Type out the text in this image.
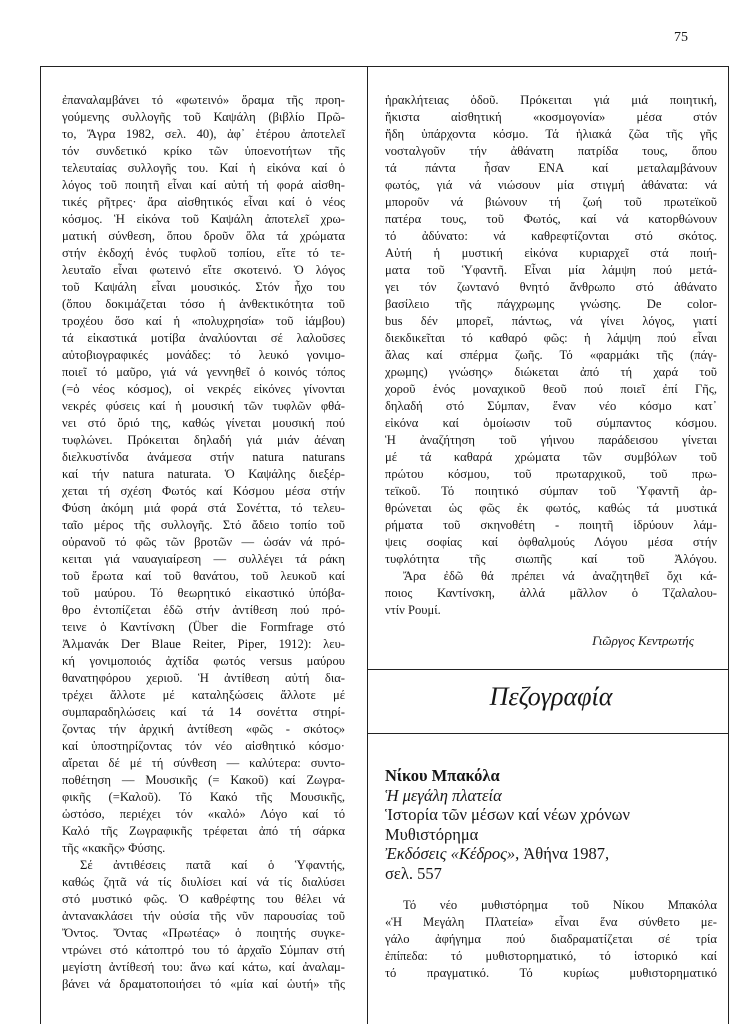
75
ἐπαναλαμβάνει τό «φωτεινό» ὅραμα τῆς προη-
γούμενης συλλογῆς τοῦ Καψάλη (βιβλίο Πρῶ-
το, Ἄγρα 1982, σελ. 40), ἀφ᾽ ἑτέρου ἀποτελεῖ
τόν συνδετικό κρίκο τῶν ὑποενοτήτων τῆς
τελευταίας συλλογῆς του. Καί ἡ εἰκόνα καί ὁ
λόγος τοῦ ποιητῆ εἶναι καί αὐτή τή φορά αἰσθη-
τικές ρῆτρες· ἄρα αἰσθητικός εἶναι καί ὁ νέος
κόσμος. Ἡ εἰκόνα τοῦ Καψάλη ἀποτελεῖ χρω-
ματική σύνθεση, ὅπου δροῦν ὅλα τά χρώματα
στήν ἐκδοχή ἑνός τυφλοῦ τοπίου, εἴτε τό τε-
λευταῖο εἶναι φωτεινό εἴτε σκοτεινό. Ὁ λόγος
τοῦ Καψάλη εἶναι μουσικός. Στόν ἦχο του
(ὅπου δοκιμάζεται τόσο ἡ ἀνθεκτικότητα τοῦ
τροχέου ὅσο καί ἡ «πολυχρησία» τοῦ ἰάμβου)
τά εἰκαστικά μοτίβα ἀναλύονται σέ λαλοῦσες
αὐτοβιογραφικές μονάδες: τό λευκό γονιμο-
ποιεῖ τό μαῦρο, γιά νά γεννηθεῖ ὁ κοινός τόπος
(=ὁ νέος κόσμος), οἱ νεκρές εἰκόνες γίνονται
νεκρές φύσεις καί ἡ μουσική τῶν τυφλῶν φθά-
νει στό ὅριό της, καθώς γίνεται μουσική πού
τυφλώνει. Πρόκειται δηλαδή γιά μιάν ἀέναη
διελκυστίνδα ἀνάμεσα στήν natura naturans
καί τήν natura naturata. Ὁ Καψάλης διεξέρ-
χεται τή σχέση Φωτός καί Κόσμου μέσα στήν
Φύση ἀκόμη μιά φορά στά Σονέττα, τό τελευ-
ταῖο μέρος τῆς συλλογῆς. Στό ἄδειο τοπίο τοῦ
οὐρανοῦ τό φῶς τῶν βροτῶν — ὡσάν νά πρό-
κειται γιά ναυαγιαίρεση — συλλέγει τά ράκη
τοῦ ἔρωτα καί τοῦ θανάτου, τοῦ λευκοῦ καί
τοῦ μαύρου. Τό θεωρητικό εἰκαστικό ὑπόβα-
θρο ἐντοπίζεται ἐδῶ στήν ἀντίθεση πού πρό-
τεινε ὁ Καντίνσκη (Über die Formfrage στό
Ἀλμανάκ Der Blaue Reiter, Piper, 1912): λευ-
κή γονιμοποιός ἀχτίδα φωτός versus μαύρου
θανατηφόρου χεριοῦ. Ἡ ἀντίθεση αὐτή δια-
τρέχει ἄλλοτε μέ καταληξώσεις ἄλλοτε μέ
συμπαραδηλώσεις καί τά 14 σονέττα στηρί-
ζοντας τήν ἀρχική ἀντίθεση «φῶς - σκότος»
καί ὑποστηρίζοντας τόν νέο αἰσθητικό κόσμο·
αἴρεται δέ μέ τή σύνθεση — καλύτερα: συντο-
ποθέτηση — Μουσικῆς (= Κακοῦ) καί Ζωγρα-
φικῆς (=Καλοῦ). Τό Κακό τῆς Μουσικῆς,
ὡστόσο, περιέχει τόν «καλό» Λόγο καί τό
Καλό τῆς Ζωγραφικῆς τρέφεται ἀπό τή σάρκα
τῆς «κακῆς» Φύσης.
Σέ ἀντιθέσεις πατᾶ καί ὁ Ὑφαντής,
καθώς ζητᾶ νά τίς διυλίσει καί νά τίς διαλύσει
στό μυστικό φῶς. Ὁ καθρέφτης του θέλει νά
ἀντανακλάσει τήν οὐσία τῆς νῦν παρουσίας τοῦ
Ὄντος. Ὄντας «Πρωτέας» ὁ ποιητής συγκε-
ντρώνει στό κάτοπτρό του τό ἀρχαῖο Σύμπαν στή
μεγίστη ἀντίθεσή του: ἄνω καί κάτω, καί ἀναλαμ-
βάνει νά δραματοποιήσει τό «μία καί ὡυτή» τῆς
ἡρακλήτειας ὁδοῦ. Πρόκειται γιά μιά ποιητική,
ἥκιστα αἰσθητική «κοσμογονία» μέσα στόν
ἤδη ὑπάρχοντα κόσμο. Τά ἡλιακά ζῶα τῆς γῆς
νοσταλγοῦν τήν ἀθάνατη πατρίδα τους, ὅπου
τά πάντα ἦσαν ΕΝΑ καί μεταλαμβάνουν
φωτός, γιά νά νιώσουν μία στιγμή ἀθάνατα: νά
μποροῦν νά βιώνουν τή ζωή τοῦ πρωτεϊκοῦ
πατέρα τους, τοῦ Φωτός, καί νά κατορθώνουν
τό ἀδύνατο: νά καθρεφτίζονται στό σκότος.
Αὐτή ἡ μυστική εἰκόνα κυριαρχεῖ στά ποιή-
ματα τοῦ Ὑφαντῆ. Εἶναι μία λάμψη πού μετά-
γει τόν ζωντανό θνητό ἄνθρωπο στό ἀθάνατο
βασίλειο τῆς πάγχρωμης γνώσης. De color-
bus δέν μπορεῖ, πάντως, νά γίνει λόγος, γιατί
διεκδικεῖται τό καθαρό φῶς: ἡ λάμψη πού εἶναι
ἅλας καί σπέρμα ζωῆς. Τό «φαρμάκι τῆς (πάγ-
χρωμης) γνώσης» διώκεται ἀπό τή χαρά τοῦ
χοροῦ ἑνός μοναχικοῦ θεοῦ πού ποιεῖ ἐπί Γῆς,
δηλαδή στό Σύμπαν, ἕναν νέο κόσμο κατ᾽
εἰκόνα καί ὁμοίωσιν τοῦ σύμπαντος κόσμου.
Ἡ ἀναζήτηση τοῦ γήινου παράδεισου γίνεται
μέ τά καθαρά χρώματα τῶν συμβόλων τοῦ
πρώτου κόσμου, τοῦ πρωταρχικοῦ, τοῦ πρω-
τεϊκοῦ. Τό ποιητικό σύμπαν τοῦ Ὑφαντῆ ἀρ-
θρώνεται ὡς φῶς ἐκ φωτός, καθώς τά μυστικά
ρήματα τοῦ σκηνοθέτη - ποιητῆ ἱδρύουν λάμ-
ψεις σοφίας καί ὀφθαλμούς Λόγου μέσα στήν
τυφλότητα τῆς σιωπῆς καί τοῦ Ἀλόγου.
Ἄρα ἐδῶ θά πρέπει νά ἀναζητηθεῖ ὄχι κά-
ποιος Καντίνσκη, ἀλλά μᾶλλον ὁ Τζαλαλου-
ντίν Ρουμί.
Γιῶργος Κεντρωτής
Πεζογραφία
Νίκου Μπακόλα
Ἡ μεγάλη πλατεία
Ἱστορία τῶν μέσων καί νέων χρόνων
Μυθιστόρημα
Ἐκδόσεις «Κέδρος», Ἀθήνα 1987,
σελ. 557
Τό νέο μυθιστόρημα τοῦ Νίκου Μπακόλα
«Ἡ Μεγάλη Πλατεία» εἶναι ἕνα σύνθετο με-
γάλο ἀφήγημα πού διαδραματίζεται σέ τρία
ἐπίπεδα: τό μυθιστορηματικό, τό ἱστορικό καί
τό πραγματικό. Τό κυρίως μυθιστορηματικό
